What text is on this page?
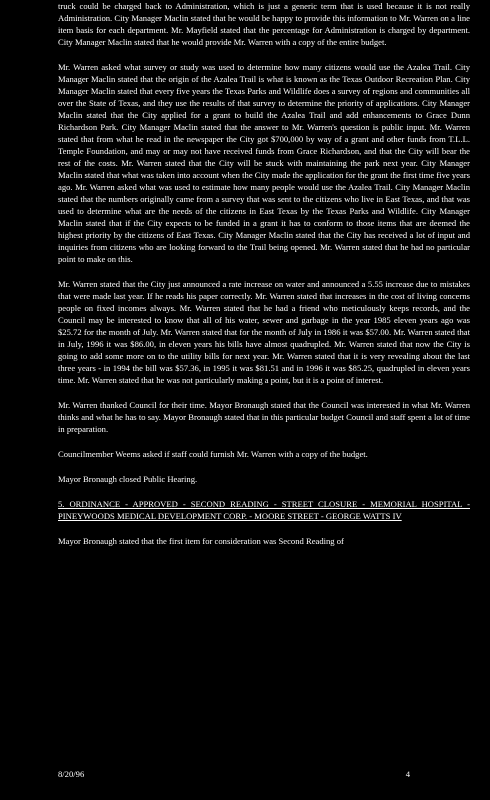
truck could be charged back to Administration, which is just a generic term that is used because it is not really Administration. City Manager Maclin stated that he would be happy to provide this information to Mr. Warren on a line item basis for each department. Mr. Mayfield stated that the percentage for Administration is charged by department. City Manager Maclin stated that he would provide Mr. Warren with a copy of the entire budget.

Mr. Warren asked what survey or study was used to determine how many citizens would use the Azalea Trail. City Manager Maclin stated that the origin of the Azalea Trail is what is known as the Texas Outdoor Recreation Plan. City Manager Maclin stated that every five years the Texas Parks and Wildlife does a survey of regions and communities all over the State of Texas, and they use the results of that survey to determine the priority of applications. City Manager Maclin stated that the City applied for a grant to build the Azalea Trail and add enhancements to Grace Dunn Richardson Park. City Manager Maclin stated that the answer to Mr. Warren's question is public input. Mr. Warren stated that from what he read in the newspaper the City got $700,000 by way of a grant and other funds from T.L.L. Temple Foundation, and may or may not have received funds from Grace Richardson, and that the City will bear the rest of the costs. Mr. Warren stated that the City will be stuck with maintaining the park next year. City Manager Maclin stated that what was taken into account when the City made the application for the grant the first time five years ago. Mr. Warren asked what was used to estimate how many people would use the Azalea Trail. City Manager Maclin stated that the numbers originally came from a survey that was sent to the citizens who live in East Texas, and that was used to determine what are the needs of the citizens in East Texas by the Texas Parks and Wildlife. City Manager Maclin stated that if the City expects to be funded in a grant it has to conform to those items that are deemed the highest priority by the citizens of East Texas. City Manager Maclin stated that the City has received a lot of input and inquiries from citizens who are looking forward to the Trail being opened. Mr. Warren stated that he had no particular point to make on this.

Mr. Warren stated that the City just announced a rate increase on water and announced a 5.55 increase due to mistakes that were made last year. If he reads his paper correctly. Mr. Warren stated that increases in the cost of living concerns people on fixed incomes always. Mr. Warren stated that he had a friend who meticulously keeps records, and the Council may be interested to know that all of his water, sewer and garbage in the year 1985 eleven years ago was $25.72 for the month of July. Mr. Warren stated that for the month of July in 1986 it was $57.00. Mr. Warren stated that in July, 1996 it was $86.00, in eleven years his bills have almost quadrupled. Mr. Warren stated that now the City is going to add some more on to the utility bills for next year. Mr. Warren stated that it is very revealing about the last three years - in 1994 the bill was $57.36, in 1995 it was $81.51 and in 1996 it was $85.25, quadrupled in eleven years time. Mr. Warren stated that he was not particularly making a point, but it is a point of interest.

Mr. Warren thanked Council for their time. Mayor Bronaugh stated that the Council was interested in what Mr. Warren thinks and what he has to say. Mayor Bronaugh stated that in this particular budget Council and staff spent a lot of time in preparation.

Councilmember Weems asked if staff could furnish Mr. Warren with a copy of the budget.

Mayor Bronaugh closed Public Hearing.

5. ORDINANCE - APPROVED - SECOND READING - STREET CLOSURE - MEMORIAL HOSPITAL - PINEYWOODS MEDICAL DEVELOPMENT CORP. - MOORE STREET - GEORGE WATTS IV

Mayor Bronaugh stated that the first item for consideration was Second Reading of

8/20/96	4
